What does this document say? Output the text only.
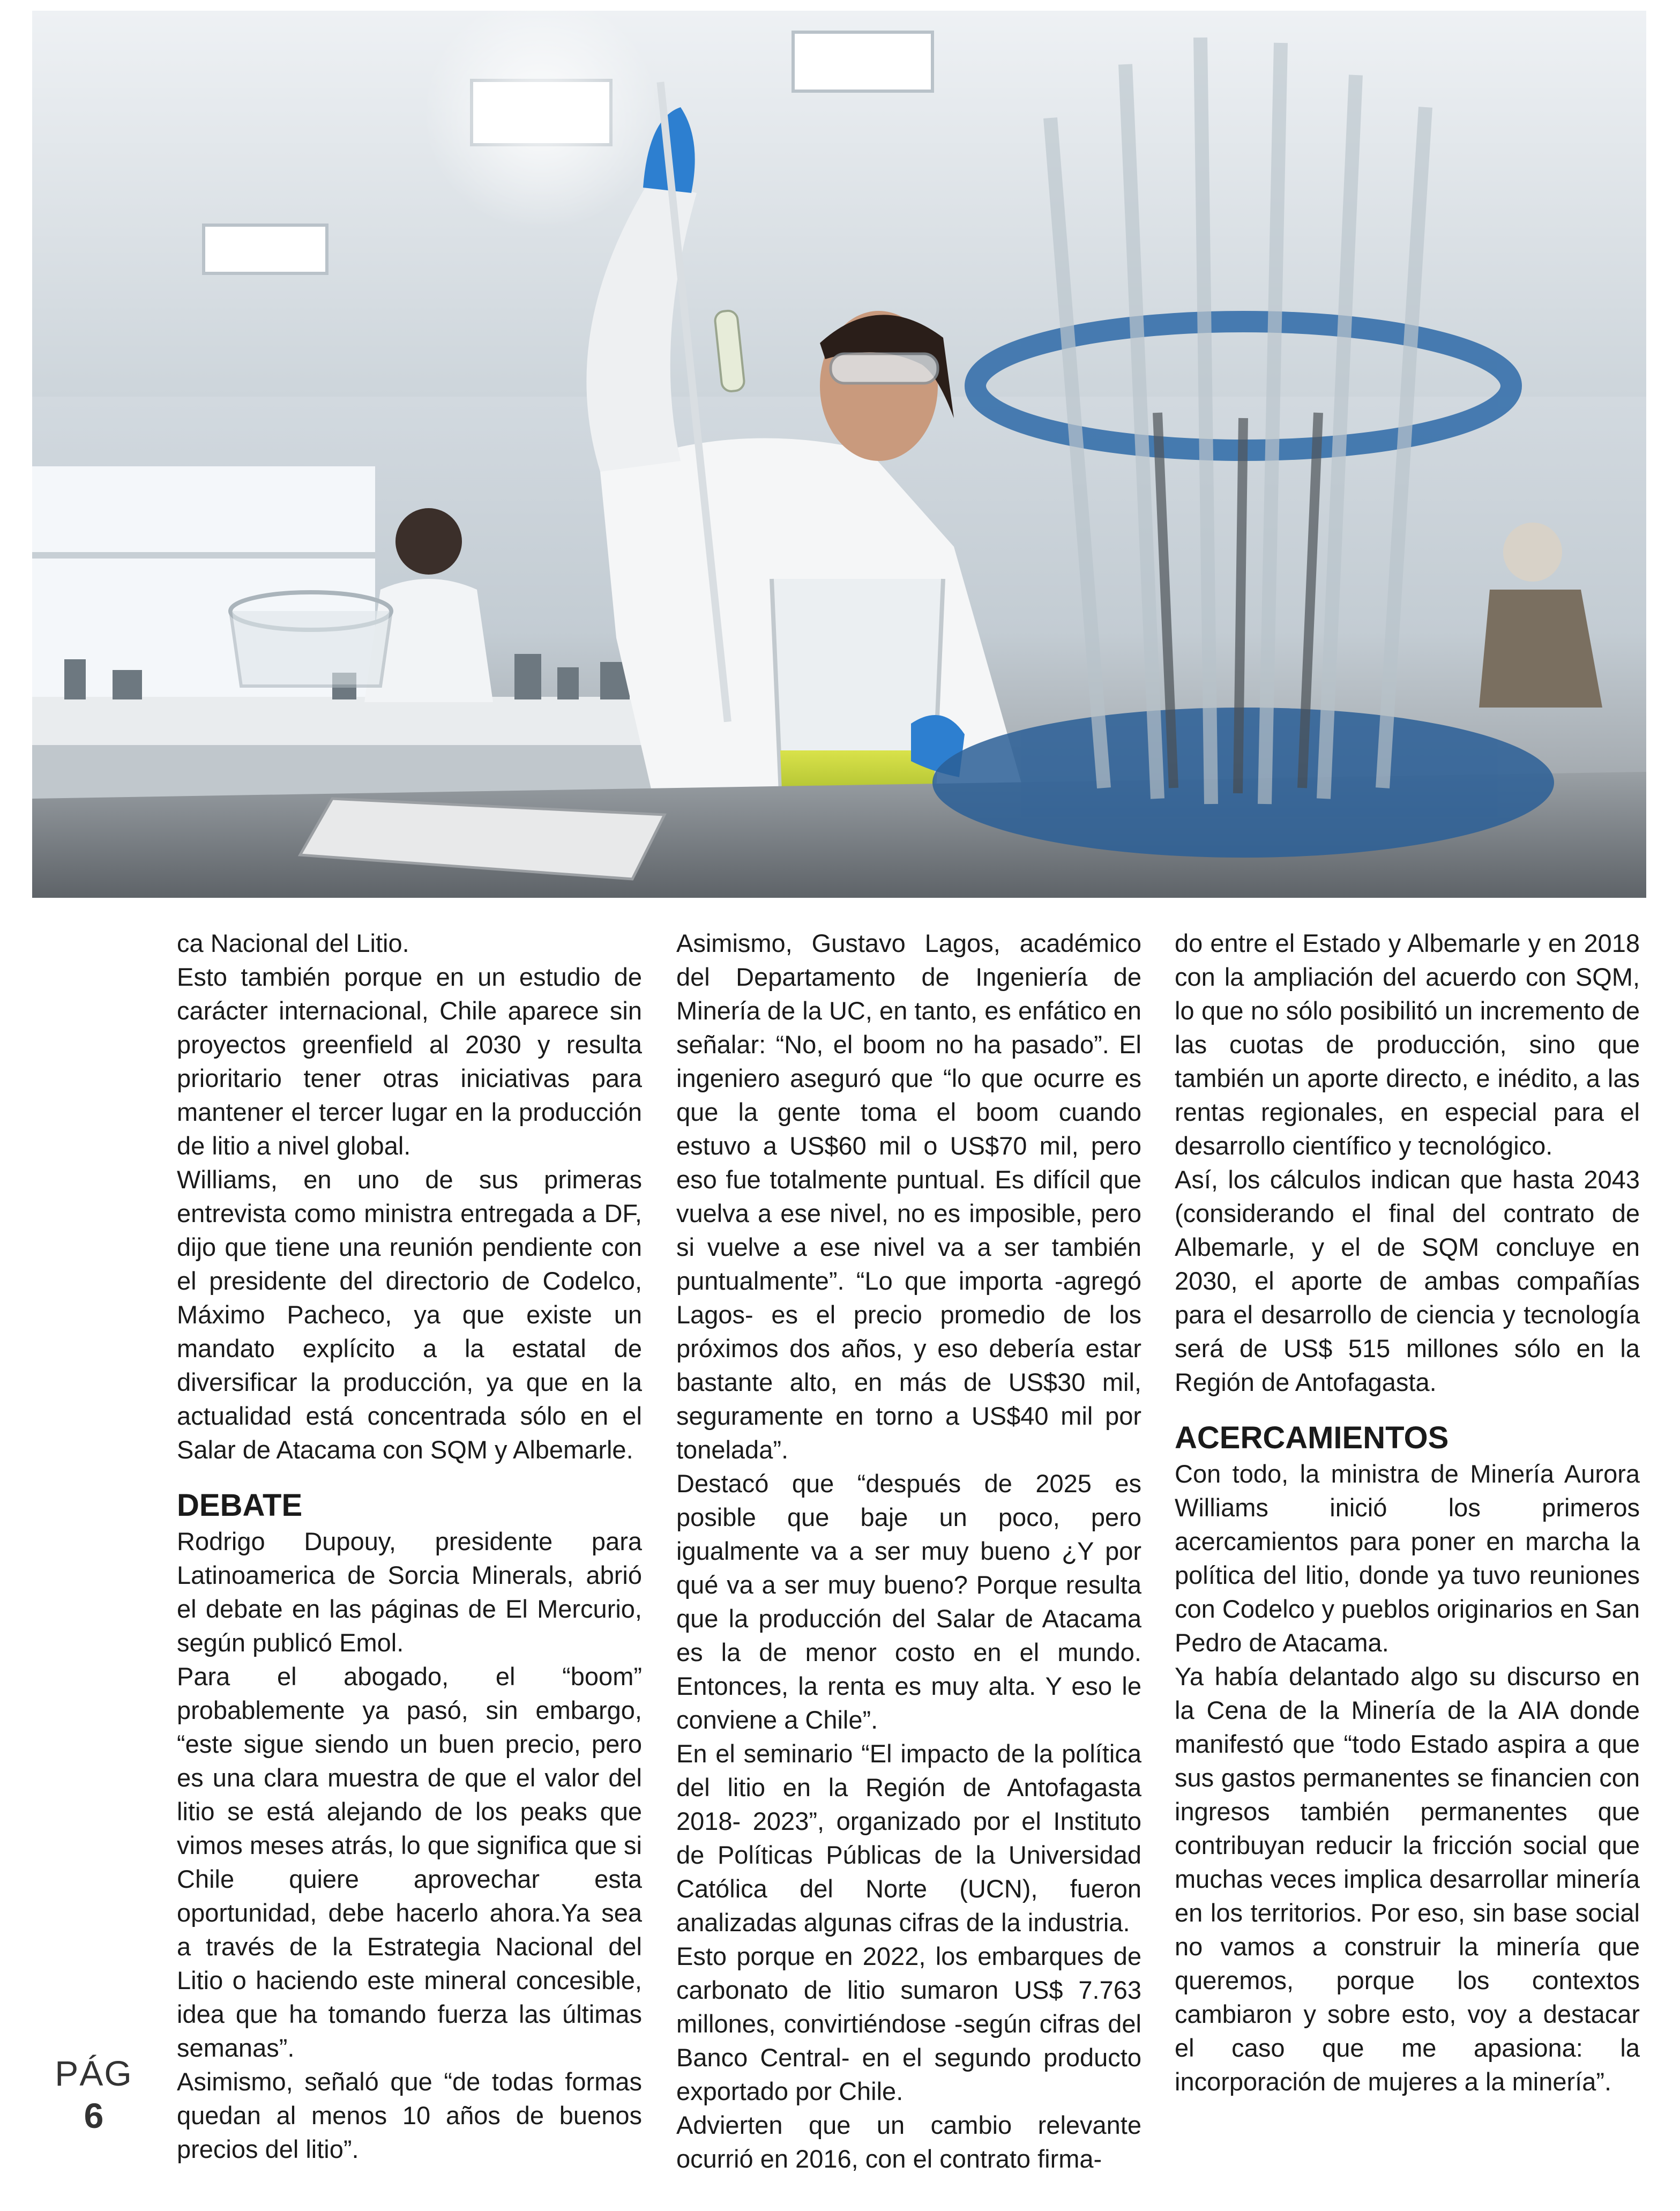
ca Nacional del Litio.

Esto también porque en un estudio de carácter internacional, Chile aparece sin proyectos greenfield al 2030 y resulta prioritario tener otras iniciativas para mantener el tercer lugar en la producción de litio a nivel global.

Williams, en uno de sus primeras entrevista como ministra entregada a DF, dijo que tiene una reunión pendiente con el presidente del directorio de Codelco, Máximo Pacheco, ya que existe un mandato explícito a la estatal de diversificar la producción, ya que en la actualidad está concentrada sólo en el Salar de Atacama con SQM y Albemarle.

DEBATE

Rodrigo Dupouy, presidente para Latinoamerica de Sorcia Minerals, abrió el debate en las páginas de El Mercurio, según publicó Emol.

Para el abogado, el “boom” probablemente ya pasó, sin embargo, “este sigue siendo un buen precio, pero es una clara muestra de que el valor del litio se está alejando de los peaks que vimos meses atrás, lo que significa que si Chile quiere aprovechar esta oportunidad, debe hacerlo ahora.Ya sea a través de la Estrategia Nacional del Litio o haciendo este mineral concesible, idea que ha tomando fuerza las últimas semanas”.

Asimismo, señaló que “de todas formas quedan al menos 10 años de buenos precios del litio”.

Asimismo, Gustavo Lagos, académico del Departamento de Ingeniería de Minería de la UC, en tanto, es enfático en señalar: “No, el boom no ha pasado”. El ingeniero aseguró que “lo que ocurre es que la gente toma el boom cuando estuvo a US$60 mil o US$70 mil, pero eso fue totalmente puntual. Es difícil que vuelva a ese nivel, no es imposible, pero si vuelve a ese nivel va a ser también puntualmente”. “Lo que importa -agregó Lagos- es el precio promedio de los próximos dos años, y eso debería estar bastante alto, en más de US$30 mil, seguramente en torno a US$40 mil por tonelada”.

Destacó que “después de 2025 es posible que baje un poco, pero igualmente va a ser muy bueno ¿Y por qué va a ser muy bueno? Porque resulta que la producción del Salar de Atacama es la de menor costo en el mundo. Entonces, la renta es muy alta. Y eso le conviene a Chile”.

En el seminario “El impacto de la política del litio en la Región de Antofagasta 2018- 2023”, organizado por el Instituto de Políticas Públicas de la Universidad Católica del Norte (UCN), fueron analizadas algunas cifras de la industria.

Esto porque en 2022, los embarques de carbonato de litio sumaron US$ 7.763 millones, convirtiéndose -según cifras del Banco Central- en el segundo producto exportado por Chile.

Advierten que un cambio relevante ocurrió en 2016, con el contrato firma-

do entre el Estado y Albemarle y en 2018 con la ampliación del acuerdo con SQM, lo que no sólo posibilitó un incremento de las cuotas de producción, sino que también un aporte directo, e inédito, a las rentas regionales, en especial para el desarrollo científico y tecnológico.

Así, los cálculos indican que hasta 2043 (considerando el final del contrato de Albemarle, y el de SQM concluye en 2030, el aporte de ambas compañías para el desarrollo de ciencia y tecnología será de US$ 515 millones sólo en la Región de Antofagasta.

ACERCAMIENTOS

Con todo, la ministra de Minería Aurora Williams inició los primeros acercamientos para poner en marcha la política del litio, donde ya tuvo reuniones con Codelco y pueblos originarios en San Pedro de Atacama.

Ya había delantado algo su discurso en la Cena de la Minería de la AIA donde manifestó que “todo Estado aspira a que sus gastos permanentes se financien con ingresos también permanentes que contribuyan reducir la fricción social que muchas veces implica desarrollar minería en los territorios. Por eso, sin base social no vamos a construir la minería que queremos, porque los contextos cambiaron y sobre esto, voy a destacar el caso que me apasiona: la incorporación de mujeres a la minería”.

PÁG
6
